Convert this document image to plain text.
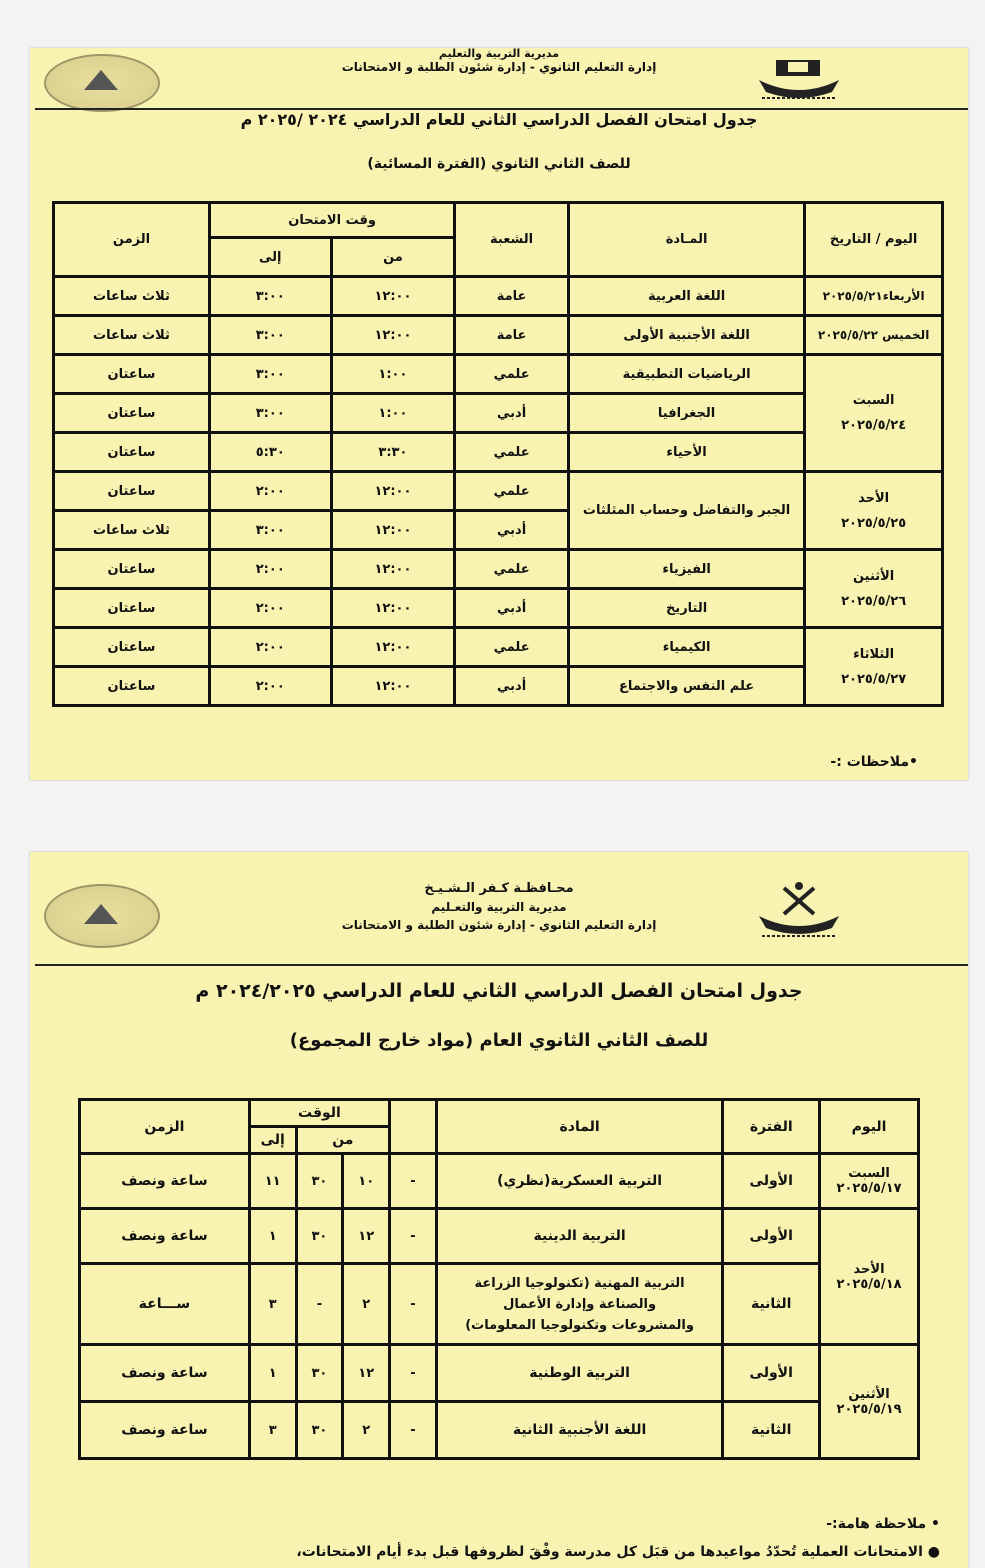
مديرية التربية والتعليم
إدارة التعليم الثانوي - إدارة شئون الطلبة و الامتحانات
جدول امتحان الفصل الدراسي الثاني للعام الدراسي ٢٠٢٤ /٢٠٢٥ م
للصف الثاني الثانوي (الفترة المسائية)
اليوم / التاريخ	المـادة	الشعبة	وقت الامتحان		الزمن
			من	إلى	
الأربعاء٢٠٢٥/٥/٢١	اللغة العربية	عامة	١٢:٠٠	٣:٠٠	ثلاث ساعات
الخميس ٢٠٢٥/٥/٢٢	اللغة الأجنبية الأولى	عامة	١٢:٠٠	٣:٠٠	ثلاث ساعات

السبت
٢٠٢٥/٥/٢٤	الرياضيات التطبيقية	علمي	١:٠٠	٣:٠٠	ساعتان
	الجغرافيا	أدبي	١:٠٠	٣:٠٠	ساعتان
	الأحياء	علمي	٣:٣٠	٥:٣٠	ساعتان

الأحد
٢٠٢٥/٥/٢٥	الجبر والتفاضل وحساب المثلثات	علمي	١٢:٠٠	٢:٠٠	ساعتان
		أدبي	١٢:٠٠	٣:٠٠	ثلاث ساعات

الأثنين
٢٠٢٥/٥/٢٦	الفيزياء	علمي	١٢:٠٠	٢:٠٠	ساعتان
	التاريخ	أدبي	١٢:٠٠	٢:٠٠	ساعتان

الثلاثاء
٢٠٢٥/٥/٢٧	الكيمياء	علمي	١٢:٠٠	٢:٠٠	ساعتان
	علم النفس والاجتماع	أدبي	١٢:٠٠	٢:٠٠	ساعتان
•ملاحظات :-
محـافظـة كـفر الـشـيـخ
مديرية التربية والتعـليم
إدارة التعليم الثانوي - إدارة شئون الطلبة و الامتحانات
جدول امتحان الفصل الدراسي الثاني للعام الدراسي ٢٠٢٤/٢٠٢٥ م
للصف الثاني الثانوي العام (مواد خارج المجموع)
اليوم	الفترة	المادة		الوقت			الزمن
				من		إلى	

السبت
٢٠٢٥/٥/١٧	الأولى	التربية العسكرية(نظري)	-	١٠	٣٠	١١	ساعة ونصف

الأحد
٢٠٢٥/٥/١٨	الأولى	التربية الدينية	-	١٢	٣٠	١	ساعة ونصف
	الثانية	التربية المهنية (تكنولوجيا الزراعة
والصناعة وإدارة الأعمال
والمشروعات وتكنولوجيا المعلومات)	-	٢	-	٣	ســـاعة

الأثنين
٢٠٢٥/٥/١٩	الأولى	التربية الوطنية	-	١٢	٣٠	١	ساعة ونصف
	الثانية	اللغة الأجنبية الثانية	-	٢	٣٠	٣	ساعة ونصف
• ملاحظة هامة:-
● الامتحانات العملية تُحدّدُ مواعيدها من قبَل كل مدرسة وفْقَ لظروفها قبل بدء أيام الامتحانات،
